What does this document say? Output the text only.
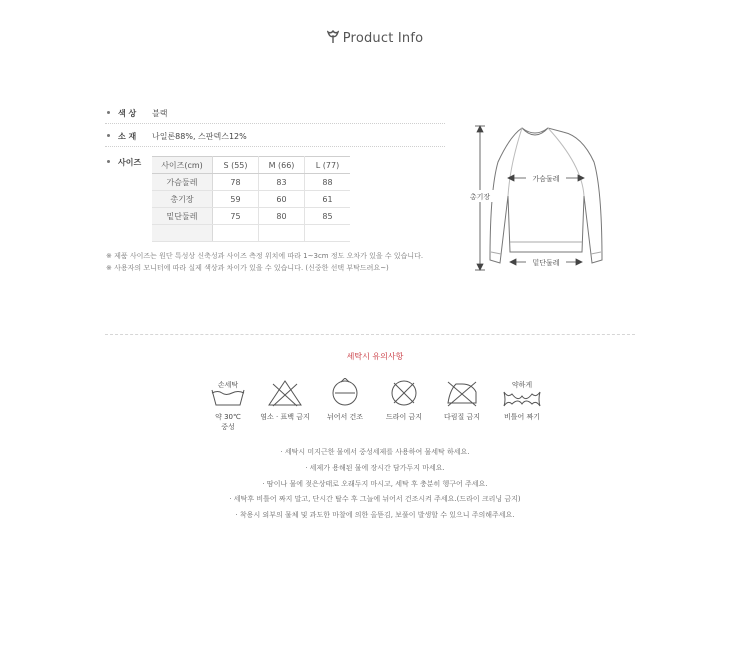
Product Info
색 상 블랙
소 재 나일론88%, 스판덱스12%
사이즈	사이즈(cm)	S (55)	M (66)	L (77)
가슴둘레	78	83	88
총기장	59	60	61
밑단둘레	75	80	85

※ 제품 사이즈는 원단 특성상 신축성과 사이즈 측정 위치에 따라 1~3cm 정도 오차가 있을 수 있습니다.
※ 사용자의 모니터에 따라 실제 색상과 차이가 있을 수 있습니다. (신중한 선택 부탁드려요~)
총기장
가슴둘레
밑단둘레
세탁시 유의사항
손세탁
약 30℃
중성
염소 · 표백 금지	뉘어서 건조	드라이 금지	다림질 금지
약하게
비틀어 짜기
· 세탁시 미지근한 물에서 중성세제를 사용하여 물세탁 하세요.
· 세제가 용해된 물에 장시간 담가두지 마세요.
· 땀이나 물에 젖은상태로 오래두지 마시고, 세탁 후 충분히 헹구어 주세요.
· 세탁후 비틀어 짜지 말고, 단시간 탈수 후 그늘에 뉘어서 건조시켜 주세요.(드라이 크리닝 금지)
· 착용시 외부의 물체 및 과도한 마찰에 의한 올뜯김, 보풀이 발생할 수 있으니 주의해주세요.
